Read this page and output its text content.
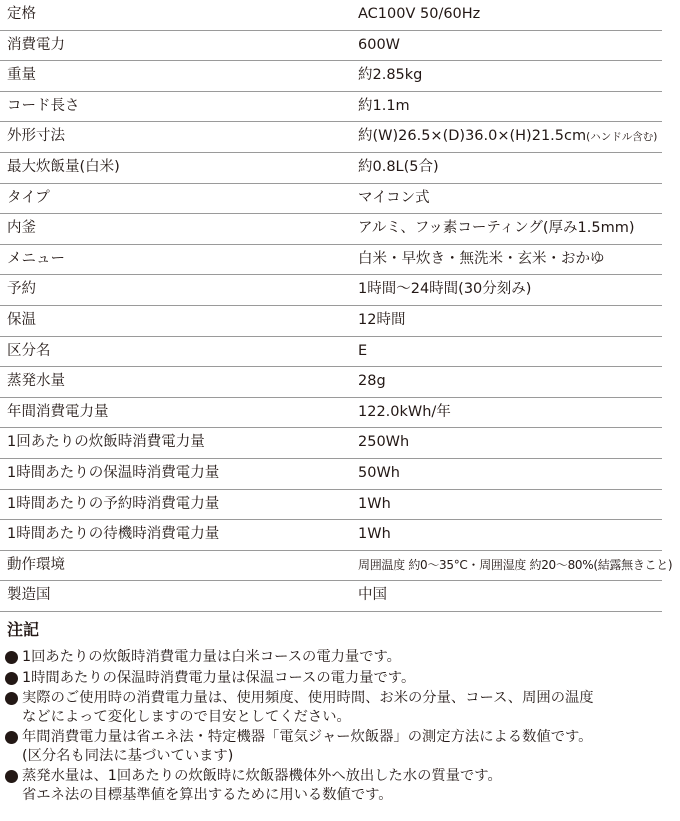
定格	AC100V 50/60Hz
消費電力	600W
重量	約2.85kg
コード長さ	約1.1m
外形寸法	約(W)26.5×(D)36.0×(H)21.5cm(ハンドル含む)
最大炊飯量(白米)	約0.8L(5合)
タイプ	マイコン式
内釜	アルミ、フッ素コーティング(厚み1.5mm)
メニュー	白米・早炊き・無洗米・玄米・おかゆ
予約	1時間〜24時間(30分刻み)
保温	12時間
区分名	E
蒸発水量	28g
年間消費電力量	122.0kWh/年
1回あたりの炊飯時消費電力量	250Wh
1時間あたりの保温時消費電力量	50Wh
1時間あたりの予約時消費電力量	1Wh
1時間あたりの待機時消費電力量	1Wh
動作環境	周囲温度 約0〜35°C・周囲湿度 約20〜80%(結露無きこと)
製造国	中国
注記
1回あたりの炊飯時消費電力量は白米コースの電力量です。
1時間あたりの保温時消費電力量は保温コースの電力量です。
実際のご使用時の消費電力量は、使用頻度、使用時間、お米の分量、コース、周囲の温度
などによって変化しますので目安としてください。
年間消費電力量は省エネ法・特定機器「電気ジャー炊飯器」の測定方法による数値です。
(区分名も同法に基づいています)
蒸発水量は、1回あたりの炊飯時に炊飯器機体外へ放出した水の質量です。
省エネ法の目標基準値を算出するために用いる数値です。
